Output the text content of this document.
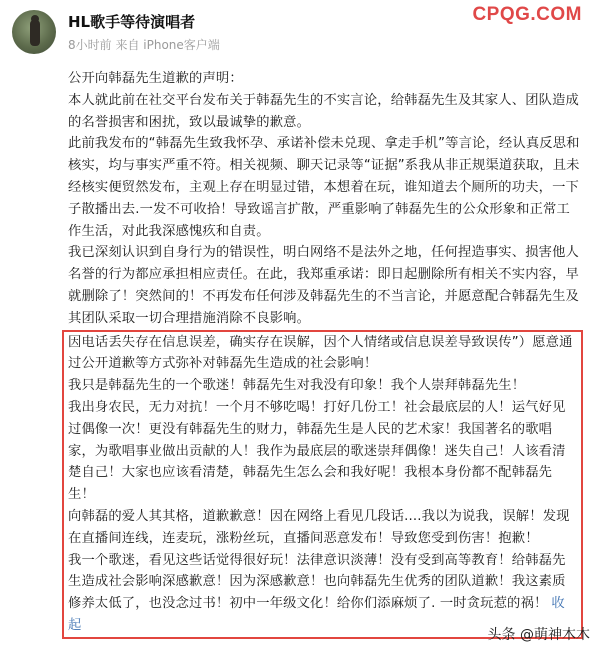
HL歌手等待演唱者
8小时前 来自 iPhone客户端
CPQG.COM

公开向韩磊先生道歉的声明：

本人就此前在社交平台发布关于韩磊先生的不实言论，给韩磊先生及其家人、团队造成的名誉损害和困扰，致以最诚挚的歉意。

此前我发布的“韩磊先生致我怀孕、承诺补偿未兑现、拿走手机”等言论，经认真反思和核实，均与事实严重不符。相关视频、聊天记录等“证据”系我从非正规渠道获取，且未经核实便贸然发布，主观上存在明显过错，本想着在玩，谁知道去个厕所的功夫，一下子散播出去.一发不可收拾！导致谣言扩散，严重影响了韩磊先生的公众形象和正常工作生活，对此我深感愧疚和自责。

我已深刻认识到自身行为的错误性，明白网络不是法外之地，任何捏造事实、损害他人名誉的行为都应承担相应责任。在此，我郑重承诺：即日起删除所有相关不实内容，早就删除了！突然间的！不再发布任何涉及韩磊先生的不当言论，并愿意配合韩磊先生及其团队采取一切合理措施消除不良影响。

因电话丢失存在信息误差，确实存在误解，因个人情绪或信息误差导致误传”）愿意通过公开道歉等方式弥补对韩磊先生造成的社会影响！

我只是韩磊先生的一个歌迷！韩磊先生对我没有印象！我个人崇拜韩磊先生！

我出身农民，无力对抗！一个月不够吃喝！打好几份工！社会最底层的人！运气好见过偶像一次！更没有韩磊先生的财力，韩磊先生是人民的艺术家！我国著名的歌唱家，为歌唱事业做出贡献的人！我作为最底层的歌迷崇拜偶像！迷失自己！人该看清楚自己！大家也应该看清楚，韩磊先生怎么会和我好呢！我根本身份都不配韩磊先生！

向韩磊的爱人其其格，道歉歉意！因在网络上看见几段话....我以为说我，误解！发现在直播间连线，连麦玩，涨粉丝玩，直播间恶意发布！导致您受到伤害！抱歉！

我一个歌迷，看见这些话觉得很好玩！法律意识淡薄！没有受到高等教育！给韩磊先生造成社会影响深感歉意！因为深感歉意！也向韩磊先生优秀的团队道歉！我这素质修养太低了，也没念过书！初中一年级文化！给你们添麻烦了. 一时贪玩惹的祸！ 收起

头条 @萌神木木
